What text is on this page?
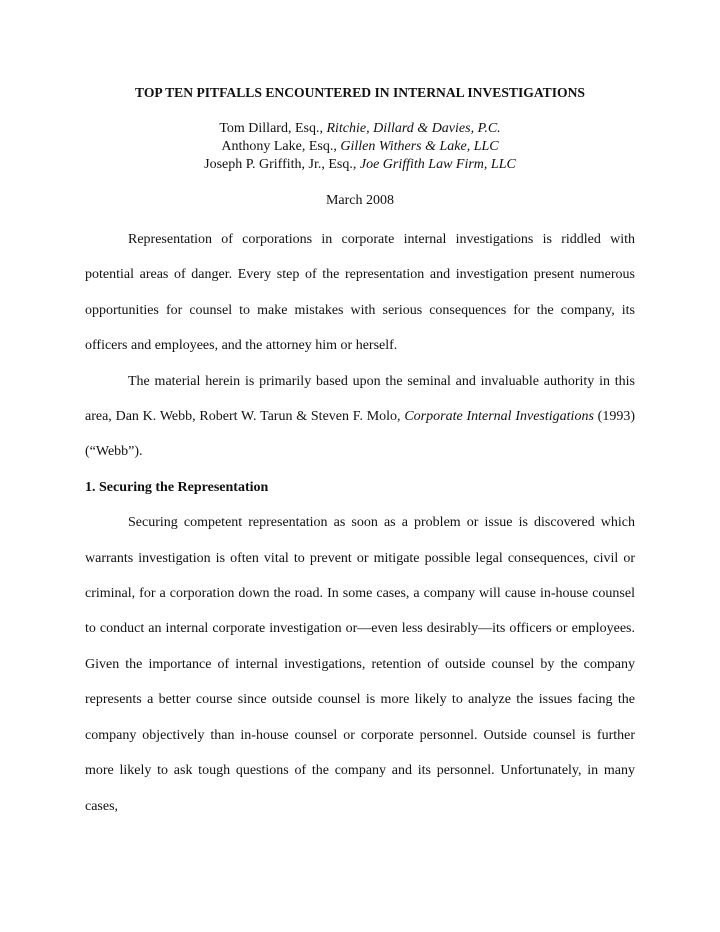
TOP TEN PITFALLS ENCOUNTERED IN INTERNAL INVESTIGATIONS
Tom Dillard, Esq., Ritchie, Dillard & Davies, P.C.
Anthony Lake, Esq., Gillen Withers & Lake, LLC
Joseph P. Griffith, Jr., Esq., Joe Griffith Law Firm, LLC
March 2008

Representation of corporations in corporate internal investigations is riddled with potential areas of danger. Every step of the representation and investigation present numerous opportunities for counsel to make mistakes with serious consequences for the company, its officers and employees, and the attorney him or herself.

The material herein is primarily based upon the seminal and invaluable authority in this area, Dan K. Webb, Robert W. Tarun & Steven F. Molo, Corporate Internal Investigations (1993) (“Webb”).

1. Securing the Representation

Securing competent representation as soon as a problem or issue is discovered which warrants investigation is often vital to prevent or mitigate possible legal consequences, civil or criminal, for a corporation down the road. In some cases, a company will cause in-house counsel to conduct an internal corporate investigation or—even less desirably—its officers or employees. Given the importance of internal investigations, retention of outside counsel by the company represents a better course since outside counsel is more likely to analyze the issues facing the company objectively than in-house counsel or corporate personnel. Outside counsel is further more likely to ask tough questions of the company and its personnel. Unfortunately, in many cases,
